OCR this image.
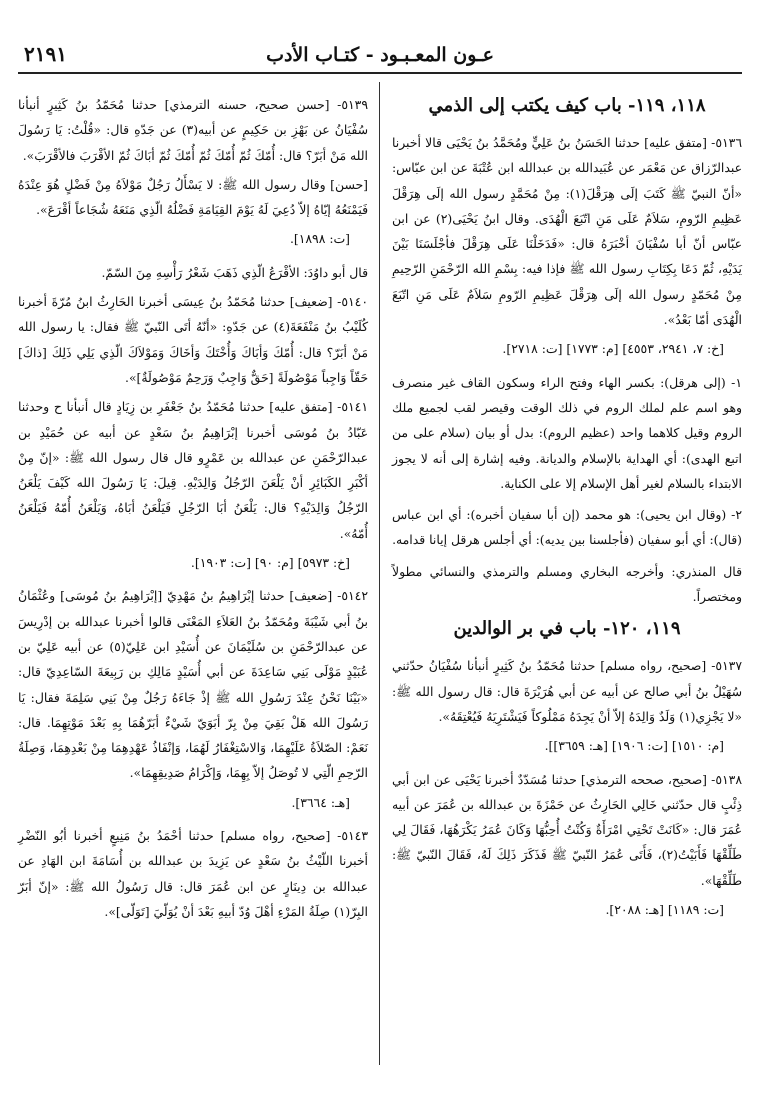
عـون المعـبـود - كتـاب الأدب
٢١٩١
١١٨، ١١٩- باب كيف يكتب إلى الذمي

٥١٣٦- [متفق عليه] حدثنا الحَسَنُ بنُ عَلِيٍّ ومُحَمَّدُ بنُ يَحْيَى قالا أخبرنا عبدالرّزاق عن مَعْمَر عن عُبَيدالله بن عبدالله ابن عُتْبَةَ عن ابن عبّاس: «أنّ النبيّ ﷺ كَتَبَ إلَى هِرَقْلَ(١): مِنْ مُحَمَّدٍ رسول الله إلَى هِرَقْلَ عَظِيمِ الرّومِ، سَلاَمٌ عَلَى مَنِ اتّبَعَ الْهُدَى. وقال ابنُ يَحْيَى(٢) عن ابن عبّاس أنّ أبا سُفْيَانَ أخْبَرَهُ قال: «فَدَخَلْنَا عَلَى هِرَقْلَ فأجْلَسَنَا بَيْنَ يَدَيْهِ، ثُمّ دَعَا بِكِتَابِ رسول الله ﷺ فإذا فيه: بِسْمِ الله الرّحْمَنِ الرّحِيمِ مِنْ مُحَمّدٍ رسول الله إلَى هِرَقْلَ عَظِيمِ الرّومِ سَلاَمٌ عَلَى مَنِ اتّبَعَ الْهُدَى أمّا بَعْدُ».

[خ: ٧، ٢٩٤١، ٤٥٥٣] [م: ١٧٧٣] [ت: ٢٧١٨].

١- (إلى هرقل): بكسر الهاء وفتح الراء وسكون القاف غير منصرف وهو اسم علم لملك الروم في ذلك الوقت وقيصر لقب لجميع ملك الروم وقيل كلاهما واحد (عظيم الروم): بدل أو بيان (سلام على من اتبع الهدى): أي الهداية بالإسلام والديانة. وفيه إشارة إلى أنه لا يجوز الابتداء بالسلام لغير أهل الإسلام إلا على الكناية.

٢- (وقال ابن يحيى): هو محمد (إن أبا سفيان أخبره): أي ابن عباس (قال): أي أبو سفيان (فأجلسنا بين يديه): أي أجلس هرقل إيانا قدامه.

قال المنذري: وأخرجه البخاري ومسلم والترمذي والنسائي مطولاً ومختصراً.

١١٩، ١٢٠- باب في بر الوالدين

٥١٣٧- [صحيح، رواه مسلم] حدثنا مُحَمّدُ بنُ كَثِيرٍ أنبأنا سُفْيَانُ حدّثني سُهَيْلُ بنُ أبي صالح عن أبيه عن أبي هُرَيْرَةَ قال: قال رسول الله ﷺ: «لا يَجْزِي(١) وَلَدٌ وَالِدَهُ إلاّ أنْ يَجِدَهُ مَمْلُوكاً فَيَشْتَرِيَهُ فَيُعْتِقَهُ».

[م: ١٥١٠] [ت: ١٩٠٦] [هـ: ٣٦٥٩]].

٥١٣٨- [صحيح، صححه الترمذي] حدثنا مُسَدّدٌ أخبرنا يَحْيَى عن ابن أبي ذِئْبٍ قال حدّثني خَالِي الحَارِثُ عن حَمْزَةَ بن عبدالله بن عُمَرَ عن أبيه عُمَرَ قال: «كَانَتْ تَحْتِي امْرَأَةٌ وَكُنْتُ أُحِبُّهَا وَكَانَ عُمَرُ يَكْرَهُهَا، فَقَالَ لِي طَلِّقْهَا فَأَبَيْتُ(٢)، فَأَتَى عُمَرُ النّبيّ ﷺ فَذَكَرَ ذَلِكَ لَهُ، فَقَالَ النّبيّ ﷺ: طَلِّقْهَا».

[ت: ١١٨٩] [هـ: ٢٠٨٨].

٥١٣٩- [حسن صحيح، حسنه الترمذي] حدثنا مُحَمّدُ بنُ كَثِيرٍ أنبأنا سُفْيَانُ عن بَهْزِ بن حَكِيمٍ عن أبيه(٣) عن جَدّهِ قال: «قُلْتُ: يَا رَسُولَ الله مَنْ أبَرّ؟ قال: أُمّكَ ثُمّ أُمّكَ ثُمّ أُمّكَ ثُمّ أبَاكَ ثُمّ الأقْرَبَ فالأقْرَبَ».

[حسن] وقال رسول الله ﷺ: لا يَسْأَلُ رَجُلٌ مَوْلاَهُ مِنْ فَضْلٍ هُوَ عِنْدَهُ فَيَمْنَعُهُ إيّاهُ إلاّ دُعِيَ لَهُ يَوْمَ القِيَامَةِ فَضْلُهُ الّذِي مَنَعَهُ شُجَاعاً أقْرَعَ».

[ت: ١٨٩٨].

قال أبو داوُدَ: الأقْرَعُ الّذِي ذَهَبَ شَعْرُ رَأْسِهِ مِنَ السّمّ.

٥١٤٠- [ضعيف] حدثنا مُحَمّدُ بنُ عِيسَى أخبرنا الحَارِثُ ابنُ مُرّةَ أخبرنا كُلَيْبُ بنُ مَنْفَعَةَ(٤) عن جَدّهِ: «أنّهُ أتَى النّبيّ ﷺ فقال: يا رسول الله مَنْ أبَرّ؟ قال: أُمّكَ وَأبَاكَ وَأُخْتَكَ وَأخَاكَ وَمَوْلاَكَ الّذِي يَلِي ذَلِكَ [ذاكَ] حَقّاً وَاجِباً مَوْصُولَةً [حَقٌّ وَاجِبٌ وَرَحِمٌ مَوْصُولَةٌ]».

٥١٤١- [متفق عليه] حدثنا مُحَمّدُ بنُ جَعْفَرِ بن زِيَادٍ قال أنبأنا ح وحدثنا عَبّادُ بنُ مُوسَى أخبرنا إبْرَاهِيمُ بنُ سَعْدٍ عن أبيه عن حُمَيْدِ بن عبدالرّحْمَنِ عن عبدالله بن عَمْرٍو قال قال رسول الله ﷺ: «إنّ مِنْ أكْبَرِ الكَبَائِرِ أنْ يَلْعَنَ الرّجُلُ وَالِدَيْهِ. قِيلَ: يَا رَسُولَ الله كَيْفَ يَلْعَنُ الرّجُلُ وَالِدَيْهِ؟ قال: يَلْعَنُ أبَا الرّجُلِ فَيَلْعَنُ أبَاهُ، وَيَلْعَنُ أُمّهُ فَيَلْعَنُ أُمّهُ».

[خ: ٥٩٧٣] [م: ٩٠] [ت: ١٩٠٣].

٥١٤٢- [ضعيف] حدثنا إبْرَاهِيمُ بنُ مَهْدِيّ [إبْرَاهِيمُ بنُ مُوسَى] وعُثْمَانُ بنُ أبي شَيْبَةَ ومُحَمّدُ بنُ العَلاَءِ المَعْنَى قالوا أخبرنا عبدالله بن إدْرِيسَ عن عبدالرّحْمَنِ بن سُلَيْمَانَ عن أُسَيْدِ ابن عَلِيّ(٥) عن أبيه عَلِيّ بن عُبَيْدٍ مَوْلَى بَنِي سَاعِدَةَ عن أبي أُسَيْدٍ مَالِكِ بن رَبِيعَةَ السّاعِدِيّ قال: «بَيْنَا نَحْنُ عِنْدَ رَسُولِ الله ﷺ إذْ جَاءَهُ رَجُلٌ مِنْ بَنِي سَلِمَةَ فقال: يَا رَسُولَ الله هَلْ بَقِيَ مِنْ بِرّ أبَوَيّ شَيْءٌ أبَرّهُمَا بِهِ بَعْدَ مَوْتِهِمَا. قال: نَعَمْ: الصّلاَةُ عَلَيْهِمَا، وَالاسْتِغْفَارُ لَهُمَا، وَإنْفَاذُ عَهْدِهِمَا مِنْ بَعْدِهِمَا، وَصِلَةُ الرّحِمِ الّتِي لا تُوصَلُ إلاّ بِهِمَا، وَإكْرَامُ صَدِيقِهِمَا».

[هـ: ٣٦٦٤].

٥١٤٣- [صحيح، رواه مسلم] حدثنا أحْمَدُ بنُ مَنِيعٍ أخبرنا أبُو النّضْرِ أخبرنا اللّيْثُ بنُ سَعْدٍ عن يَزِيدَ بن عبدالله بن أُسَامَةَ ابن الهَادِ عن عبدالله بن دِينَارٍ عن ابن عُمَرَ قال: قال رَسُولُ الله ﷺ: «إنّ أبَرّ البِرّ(١) صِلَةُ المَرْءِ أهْلَ وُدّ أبيهِ بَعْدَ أنْ يُوَلّيَ [تَوَلّى]».
